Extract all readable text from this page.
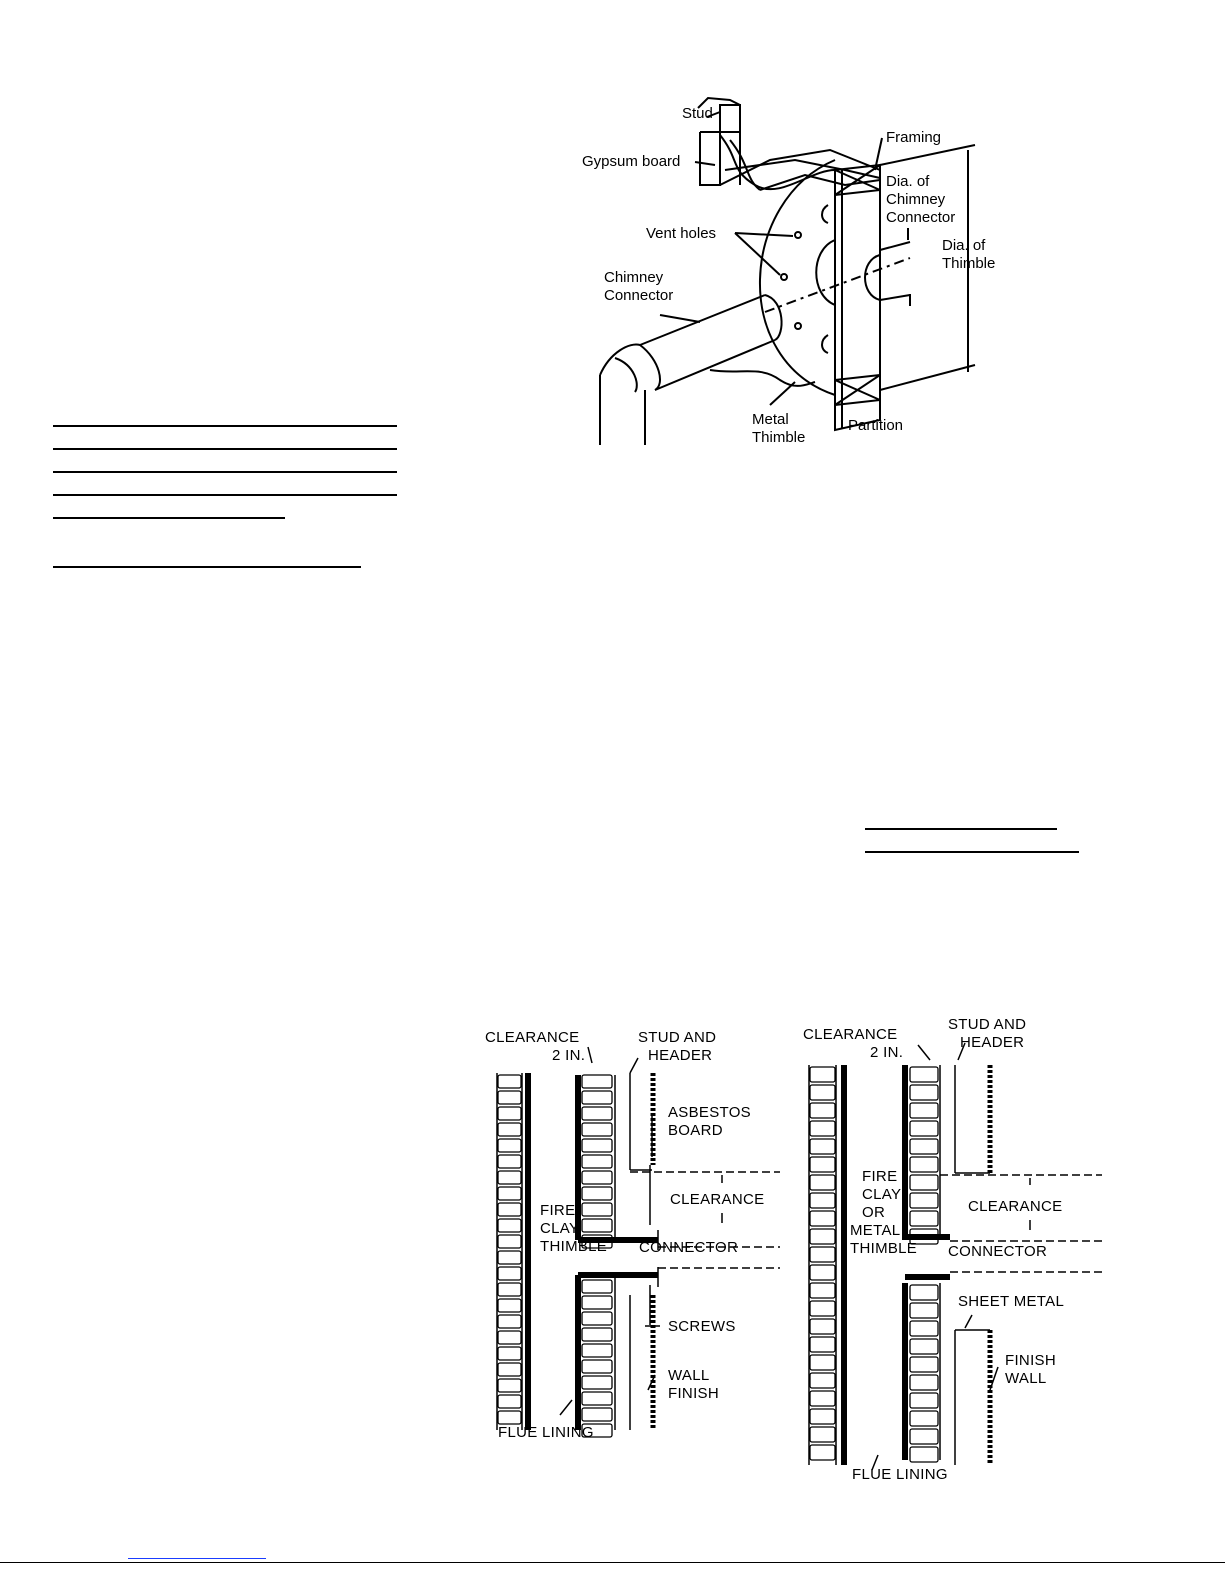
Stud
Gypsum board
Framing
Dia. of
Chimney
Connector
Vent holes
Dia. of
Thimble
Chimney
Connector
Metal
Thimble
Partition
CLEARANCE
2 IN.
STUD AND
HEADER
ASBESTOS
BOARD
CLEARANCE
FIRE
CLAY
THIMBLE CONNECTOR
SCREWS
WALL
FINISH
FLUE LINING
CLEARANCE
2 IN.
STUD AND
HEADER
FIRE
CLAY
OR
METAL
THIMBLE
CLEARANCE
CONNECTOR
SHEET METAL
FINISH
WALL
FLUE LINING
